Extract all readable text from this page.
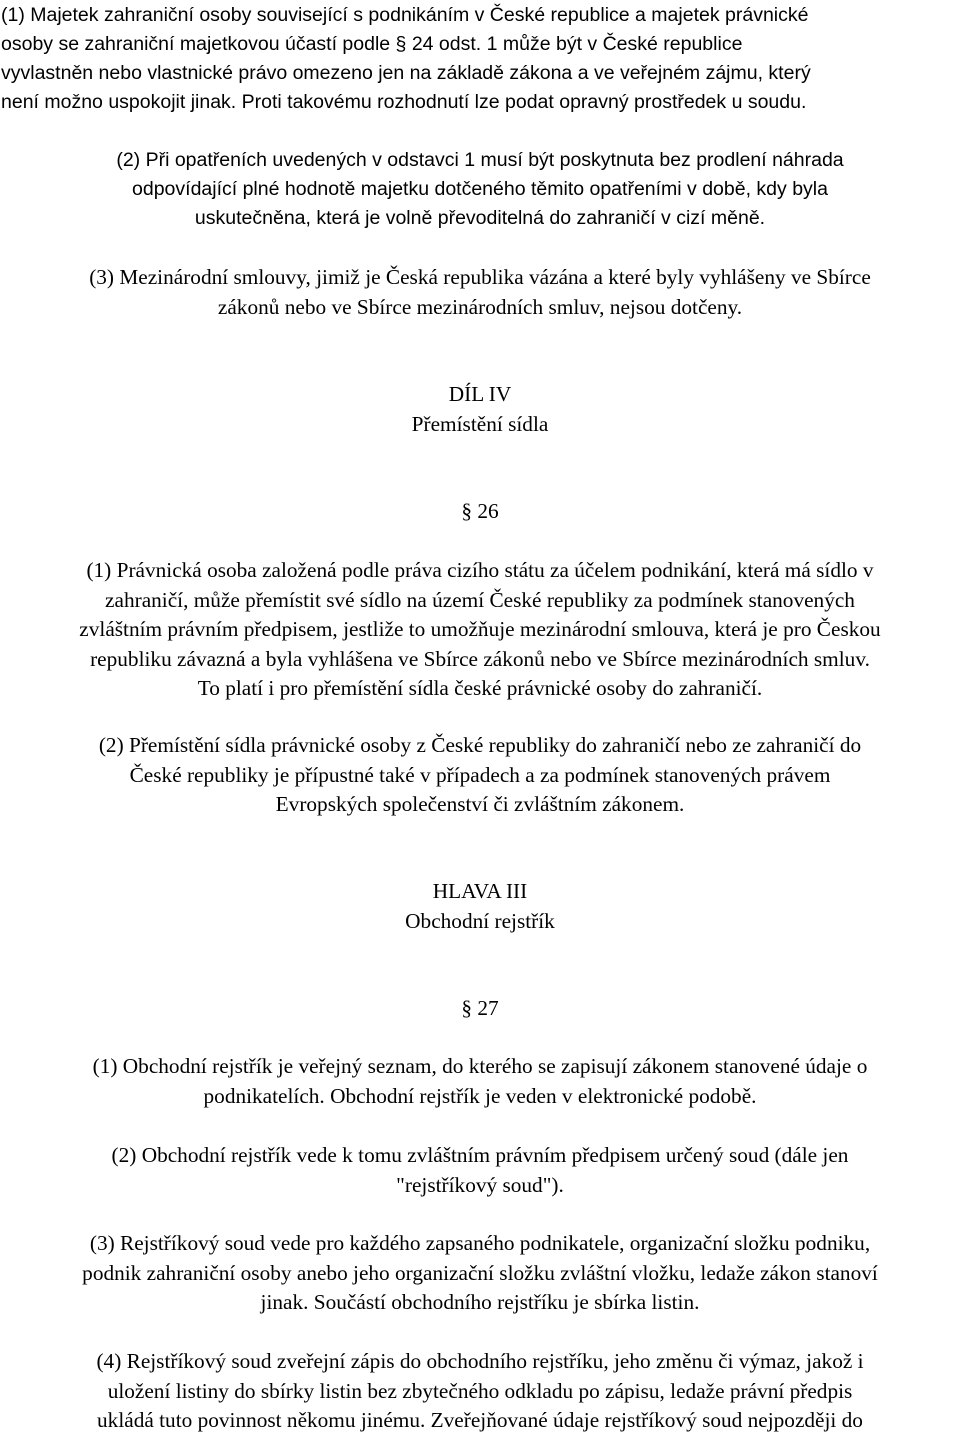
(1) Majetek zahraniční osoby související s podnikáním v České republice a majetek právnické
osoby se zahraniční majetkovou účastí podle § 24 odst. 1 může být v České republice
vyvlastněn nebo vlastnické právo omezeno jen na základě zákona a ve veřejném zájmu, který
není možno uspokojit jinak. Proti takovému rozhodnutí lze podat opravný prostředek u soudu.
(2) Při opatřeních uvedených v odstavci 1 musí být poskytnuta bez prodlení náhrada
odpovídající plné hodnotě majetku dotčeného těmito opatřeními v době, kdy byla
uskutečněna, která je volně převoditelná do zahraničí v cizí měně.
(3) Mezinárodní smlouvy, jimiž je Česká republika vázána a které byly vyhlášeny ve Sbírce
zákonů nebo ve Sbírce mezinárodních smluv, nejsou dotčeny.
DÍL IV
Přemístění sídla
§ 26
(1) Právnická osoba založená podle práva cizího státu za účelem podnikání, která má sídlo v
zahraničí, může přemístit své sídlo na území České republiky za podmínek stanovených
zvláštním právním předpisem, jestliže to umožňuje mezinárodní smlouva, která je pro Českou
republiku závazná a byla vyhlášena ve Sbírce zákonů nebo ve Sbírce mezinárodních smluv.
To platí i pro přemístění sídla české právnické osoby do zahraničí.
(2) Přemístění sídla právnické osoby z České republiky do zahraničí nebo ze zahraničí do
České republiky je přípustné také v případech a za podmínek stanovených právem
Evropských společenství či zvláštním zákonem.
HLAVA III
Obchodní rejstřík
§ 27
(1) Obchodní rejstřík je veřejný seznam, do kterého se zapisují zákonem stanovené údaje o
podnikatelích. Obchodní rejstřík je veden v elektronické podobě.
(2) Obchodní rejstřík vede k tomu zvláštním právním předpisem určený soud (dále jen
"rejstříkový soud").
(3) Rejstříkový soud vede pro každého zapsaného podnikatele, organizační složku podniku,
podnik zahraniční osoby anebo jeho organizační složku zvláštní vložku, ledaže zákon stanoví
jinak. Součástí obchodního rejstříku je sbírka listin.
(4) Rejstříkový soud zveřejní zápis do obchodního rejstříku, jeho změnu či výmaz, jakož i
uložení listiny do sbírky listin bez zbytečného odkladu po zápisu, ledaže právní předpis
ukládá tuto povinnost někomu jinému. Zveřejňované údaje rejstříkový soud nejpozději do
